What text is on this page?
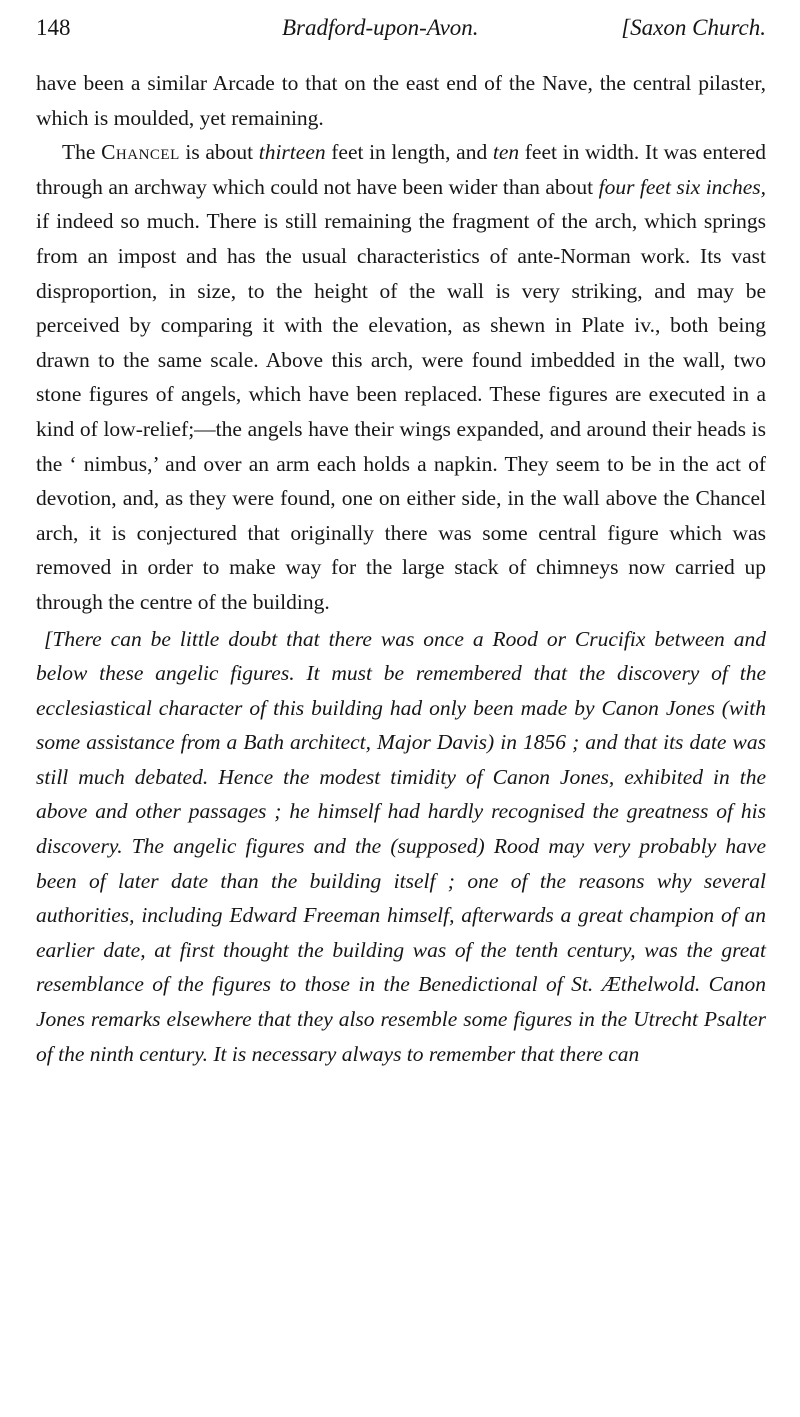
148	Bradford-upon-Avon.	[Saxon Church.

have been a similar Arcade to that on the east end of the Nave, the central pilaster, which is moulded, yet remaining.

The Chancel is about thirteen feet in length, and ten feet in width. It was entered through an archway which could not have been wider than about four feet six inches, if indeed so much. There is still remaining the fragment of the arch, which springs from an impost and has the usual characteristics of ante-Norman work. Its vast disproportion, in size, to the height of the wall is very striking, and may be perceived by comparing it with the elevation, as shewn in Plate iv., both being drawn to the same scale. Above this arch, were found imbedded in the wall, two stone figures of angels, which have been replaced. These figures are executed in a kind of low-relief;—the angels have their wings expanded, and around their heads is the ‘ nimbus,’ and over an arm each holds a napkin. They seem to be in the act of devotion, and, as they were found, one on either side, in the wall above the Chancel arch, it is conjectured that originally there was some central figure which was removed in order to make way for the large stack of chimneys now carried up through the centre of the building.

[There can be little doubt that there was once a Rood or Crucifix between and below these angelic figures. It must be remembered that the discovery of the ecclesiastical character of this building had only been made by Canon Jones (with some assistance from a Bath architect, Major Davis) in 1856 ; and that its date was still much debated. Hence the modest timidity of Canon Jones, exhibited in the above and other passages ; he himself had hardly recognised the greatness of his discovery. The angelic figures and the (supposed) Rood may very probably have been of later date than the building itself ; one of the reasons why several authorities, including Edward Freeman himself, afterwards a great champion of an earlier date, at first thought the building was of the tenth century, was the great resemblance of the figures to those in the Benedictional of St. Æthelwold. Canon Jones remarks elsewhere that they also resemble some figures in the Utrecht Psalter of the ninth century. It is necessary always to remember that there can
